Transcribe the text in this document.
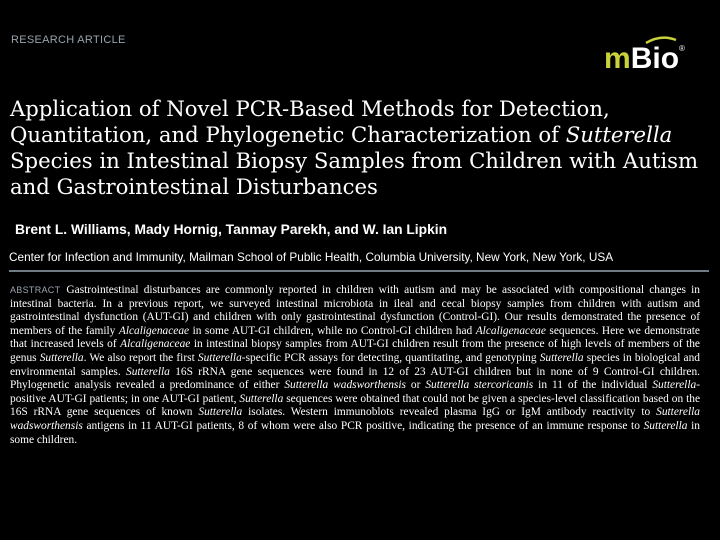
RESEARCH ARTICLE
m Bio ®
Application of Novel PCR-Based Methods for Detection, Quantitation, and Phylogenetic Characterization of Sutterella Species in Intestinal Biopsy Samples from Children with Autism and Gastrointestinal Disturbances
Brent L. Williams, Mady Hornig, Tanmay Parekh, and W. Ian Lipkin
Center for Infection and Immunity, Mailman School of Public Health, Columbia University, New York, New York, USA
ABSTRACT Gastrointestinal disturbances are commonly reported in children with autism and may be associated with compositional changes in intestinal bacteria. In a previous report, we surveyed intestinal microbiota in ileal and cecal biopsy samples from children with autism and gastrointestinal dysfunction (AUT-GI) and children with only gastrointestinal dysfunction (Control-GI). Our results demonstrated the presence of members of the family Alcaligenaceae in some AUT-GI children, while no Control-GI children had Alcaligenaceae sequences. Here we demonstrate that increased levels of Alcaligenaceae in intestinal biopsy samples from AUT-GI children result from the presence of high levels of members of the genus Sutterella. We also report the first Sutterella-specific PCR assays for detecting, quantitating, and genotyping Sutterella species in biological and environmental samples. Sutterella 16S rRNA gene sequences were found in 12 of 23 AUT-GI children but in none of 9 Control-GI children. Phylogenetic analysis revealed a predominance of either Sutterella wadsworthensis or Sutterella stercoricanis in 11 of the individual Sutterella-positive AUT-GI patients; in one AUT-GI patient, Sutterella sequences were obtained that could not be given a species-level classification based on the 16S rRNA gene sequences of known Sutterella isolates. Western immunoblots revealed plasma IgG or IgM antibody reactivity to Sutterella wadsworthensis antigens in 11 AUT-GI patients, 8 of whom were also PCR positive, indicating the presence of an immune response to Sutterella in some children.
